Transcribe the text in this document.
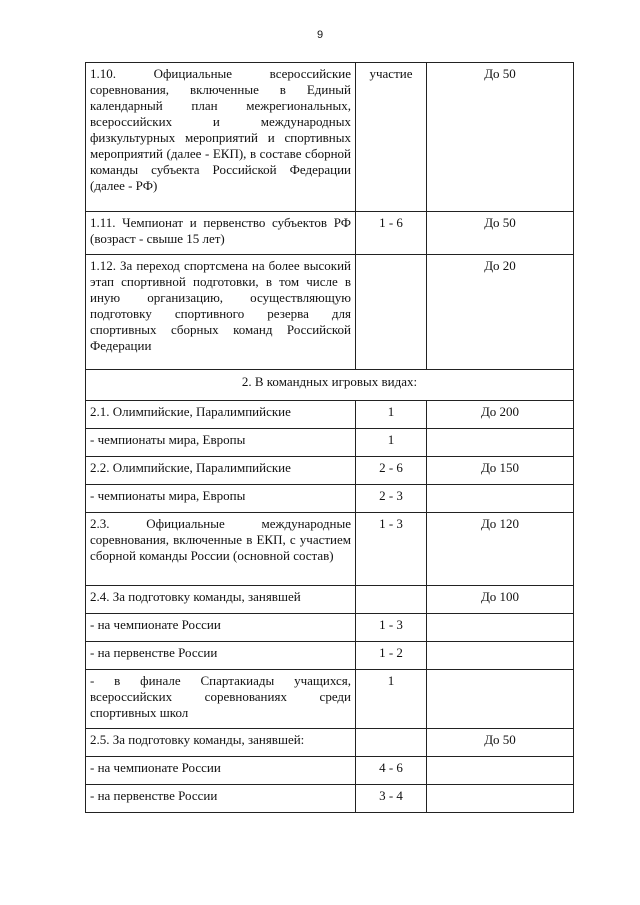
9
1.10. Официальные всероссийские соревнования, включенные в Единый календарный план межрегиональных, всероссийских и международных физкультурных мероприятий и спортивных мероприятий (далее - ЕКП), в составе сборной команды субъекта Российской Федерации (далее - РФ)	участие	До 50
1.11. Чемпионат и первенство субъектов РФ (возраст - свыше 15 лет)	1 - 6	До 50
1.12. За переход спортсмена на более высокий этап спортивной подготовки, в том числе в иную организацию, осуществляющую подготовку спортивного резерва для спортивных сборных команд Российской Федерации		До 20
2. В командных игровых видах:		
2.1. Олимпийские, Паралимпийские	1	До 200
- чемпионаты мира, Европы	1	
2.2. Олимпийские, Паралимпийские	2 - 6	До 150
- чемпионаты мира, Европы	2 - 3	
2.3. Официальные международные соревнования, включенные в ЕКП, с участием сборной команды России (основной состав)	1 - 3	До 120
2.4. За подготовку команды, занявшей		До 100
- на чемпионате России	1 - 3	
- на первенстве России	1 - 2	
- в финале Спартакиады учащихся, всероссийских соревнованиях среди спортивных школ	1	
2.5. За подготовку команды, занявшей:		До 50
- на чемпионате России	4 - 6	
- на первенстве России	3 - 4	
